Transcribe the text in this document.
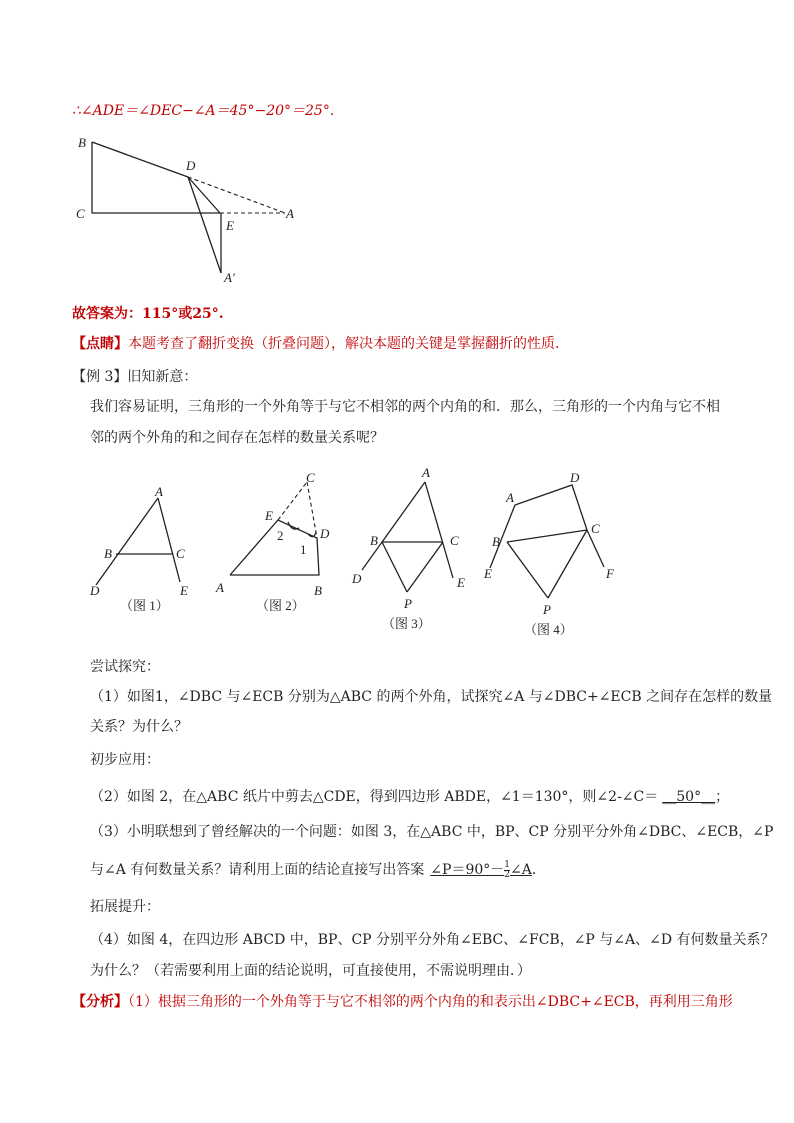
∴∠ADE＝∠DEC−∠A＝45°−20°＝25°.
B
C
D
E
A
A′
故答案为：115°或25°.
【点睛】本题考查了翻折变换（折叠问题），解决本题的关键是掌握翻折的性质.
【例 3】旧知新意：
我们容易证明，三角形的一个外角等于与它不相邻的两个内角的和．那么，三角形的一个内角与它不相
邻的两个外角的和之间存在怎样的数量关系呢？
A
B	C
D	E
（图 1）
C
E
D
2
1
A	B
（图 2）
A
B	C
D	E
P
（图 3）
D
A
C
B
E	F
P
（图 4）
尝试探究：
（1）如图1，∠DBC 与∠ECB 分别为△ABC 的两个外角，试探究∠A 与∠DBC+∠ECB 之间存在怎样的数量
关系？为什么？
初步应用：
（2）如图 2，在△ABC 纸片中剪去△CDE，得到四边形 ABDE，∠1＝130°，则∠2-∠C＝ __50°__；
（3）小明联想到了曾经解决的一个问题：如图 3，在△ABC 中，BP、CP 分别平分外角∠DBC、∠ECB，∠P
与∠A 有何数量关系？请利用上面的结论直接写出答案 ∠P＝90°－ $\frac{1}{2}$ ∠A．
拓展提升：
（4）如图 4，在四边形 ABCD 中，BP、CP 分别平分外角∠EBC、∠FCB，∠P 与∠A、∠D 有何数量关系？
为什么？（若需要利用上面的结论说明，可直接使用，不需说明理由．）
【分析】（1）根据三角形的一个外角等于与它不相邻的两个内角的和表示出∠DBC+∠ECB，再利用三角形
